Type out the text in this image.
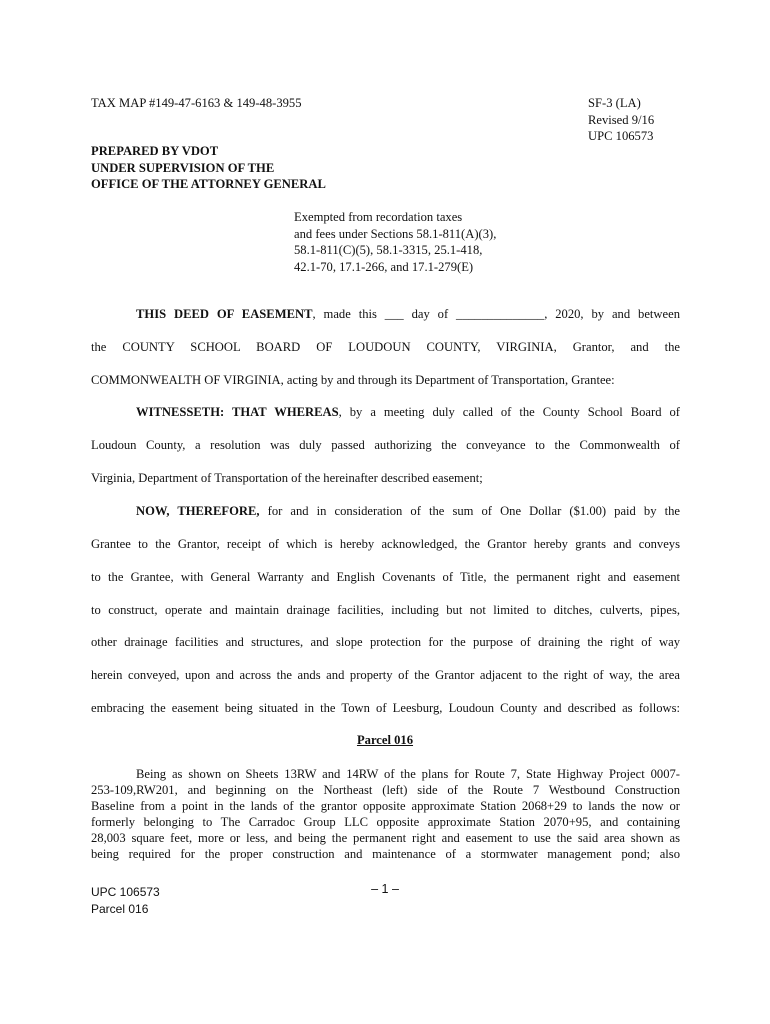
TAX MAP #149-47-6163 & 149-48-3955	SF-3 (LA)
Revised 9/16
UPC 106573
PREPARED BY VDOT
UNDER SUPERVISION OF THE
OFFICE OF THE ATTORNEY GENERAL
Exempted from recordation taxes
and fees under Sections 58.1-811(A)(3),
58.1-811(C)(5), 58.1-3315, 25.1-418,
42.1-70, 17.1-266, and 17.1-279(E)
THIS DEED OF EASEMENT, made this ___ day of ______________, 2020, by and between
the COUNTY SCHOOL BOARD OF LOUDOUN COUNTY, VIRGINIA, Grantor, and the
COMMONWEALTH OF VIRGINIA, acting by and through its Department of Transportation, Grantee:
WITNESSETH: THAT WHEREAS, by a meeting duly called of the County School Board of
Loudoun County, a resolution was duly passed authorizing the conveyance to the Commonwealth of
Virginia, Department of Transportation of the hereinafter described easement;
NOW, THEREFORE, for and in consideration of the sum of One Dollar ($1.00) paid by the
Grantee to the Grantor, receipt of which is hereby acknowledged, the Grantor hereby grants and conveys
to the Grantee, with General Warranty and English Covenants of Title, the permanent right and easement
to construct, operate and maintain drainage facilities, including but not limited to ditches, culverts, pipes,
other drainage facilities and structures, and slope protection for the purpose of draining the right of way
herein conveyed, upon and across the ands and property of the Grantor adjacent to the right of way, the area
embracing the easement being situated in the Town of Leesburg, Loudoun County and described as follows:
Parcel 016
Being as shown on Sheets 13RW and 14RW of the plans for Route 7, State Highway Project 0007-
253-109,RW201, and beginning on the Northeast (left) side of the Route 7 Westbound Construction
Baseline from a point in the lands of the grantor opposite approximate Station 2068+29 to lands the now or
formerly belonging to The Carradoc Group LLC opposite approximate Station 2070+95, and containing
28,003 square feet, more or less, and being the permanent right and easement to use the said area shown as
being required for the proper construction and maintenance of a stormwater management pond; also
UPC 106573
Parcel 016
– 1 –
